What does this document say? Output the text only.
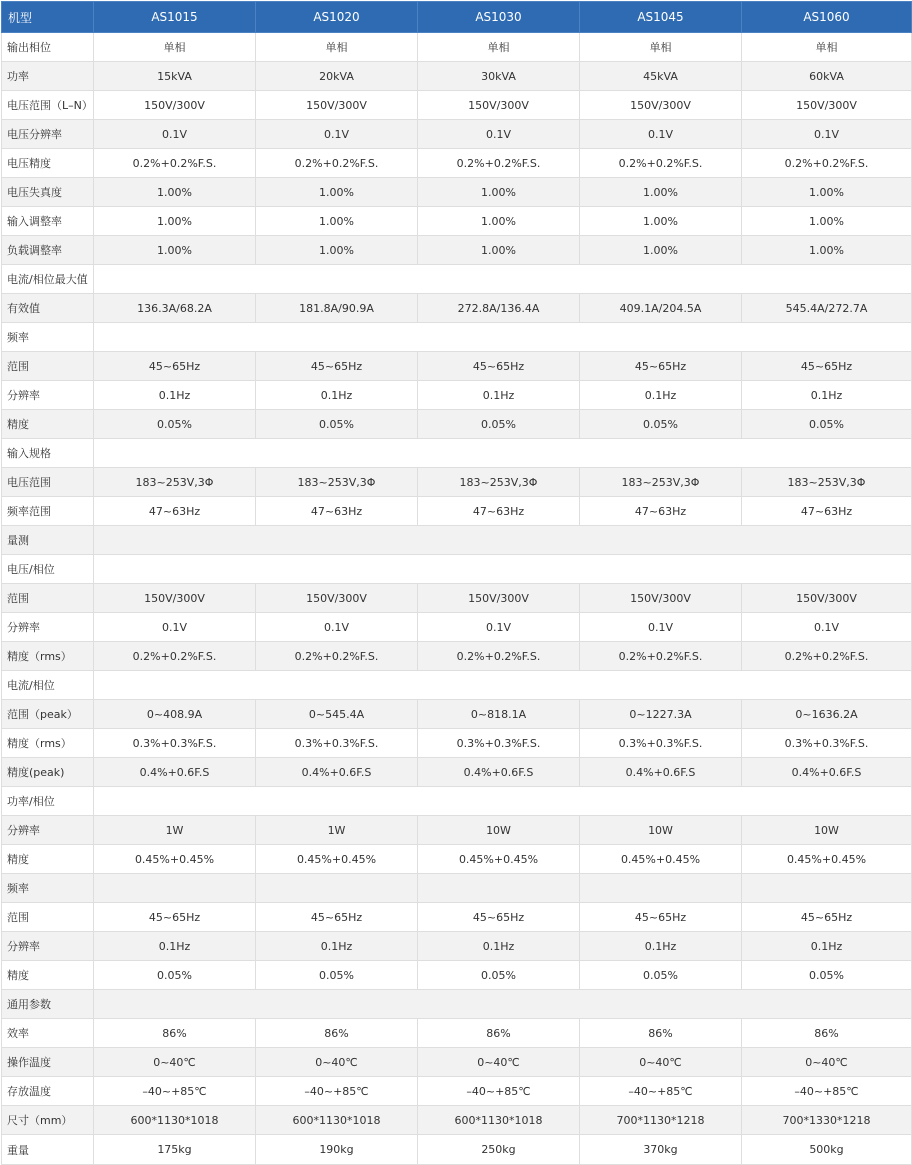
机型	AS1015	AS1020	AS1030	AS1045	AS1060
输出相位	单相	单相	单相	单相	单相
功率	15kVA	20kVA	30kVA	45kVA	60kVA
电压范围（L–N）	150V/300V	150V/300V	150V/300V	150V/300V	150V/300V
电压分辨率	0.1V	0.1V	0.1V	0.1V	0.1V
电压精度	0.2%+0.2%F.S.	0.2%+0.2%F.S.	0.2%+0.2%F.S.	0.2%+0.2%F.S.	0.2%+0.2%F.S.
电压失真度	1.00%	1.00%	1.00%	1.00%	1.00%
输入调整率	1.00%	1.00%	1.00%	1.00%	1.00%
负载调整率	1.00%	1.00%	1.00%	1.00%	1.00%
电流/相位最大值					
有效值	136.3A/68.2A	181.8A/90.9A	272.8A/136.4A	409.1A/204.5A	545.4A/272.7A
频率					
范围	45~65Hz	45~65Hz	45~65Hz	45~65Hz	45~65Hz
分辨率	0.1Hz	0.1Hz	0.1Hz	0.1Hz	0.1Hz
精度	0.05%	0.05%	0.05%	0.05%	0.05%
输入规格					
电压范围	183~253V,3Φ	183~253V,3Φ	183~253V,3Φ	183~253V,3Φ	183~253V,3Φ
频率范围	47~63Hz	47~63Hz	47~63Hz	47~63Hz	47~63Hz
量测					
电压/相位					
范围	150V/300V	150V/300V	150V/300V	150V/300V	150V/300V
分辨率	0.1V	0.1V	0.1V	0.1V	0.1V
精度（rms）	0.2%+0.2%F.S.	0.2%+0.2%F.S.	0.2%+0.2%F.S.	0.2%+0.2%F.S.	0.2%+0.2%F.S.
电流/相位					
范围（peak）	0~408.9A	0~545.4A	0~818.1A	0~1227.3A	0~1636.2A
精度（rms）	0.3%+0.3%F.S.	0.3%+0.3%F.S.	0.3%+0.3%F.S.	0.3%+0.3%F.S.	0.3%+0.3%F.S.
精度(peak)	0.4%+0.6F.S	0.4%+0.6F.S	0.4%+0.6F.S	0.4%+0.6F.S	0.4%+0.6F.S
功率/相位					
分辨率	1W	1W	10W	10W	10W
精度	0.45%+0.45%	0.45%+0.45%	0.45%+0.45%	0.45%+0.45%	0.45%+0.45%
频率					
范围	45~65Hz	45~65Hz	45~65Hz	45~65Hz	45~65Hz
分辨率	0.1Hz	0.1Hz	0.1Hz	0.1Hz	0.1Hz
精度	0.05%	0.05%	0.05%	0.05%	0.05%
通用参数					
效率	86%	86%	86%	86%	86%
操作温度	0~40℃	0~40℃	0~40℃	0~40℃	0~40℃
存放温度	–40~+85℃	–40~+85℃	–40~+85℃	–40~+85℃	–40~+85℃
尺寸（mm）	600*1130*1018	600*1130*1018	600*1130*1018	700*1130*1218	700*1330*1218
重量	175kg	190kg	250kg	370kg	500kg
